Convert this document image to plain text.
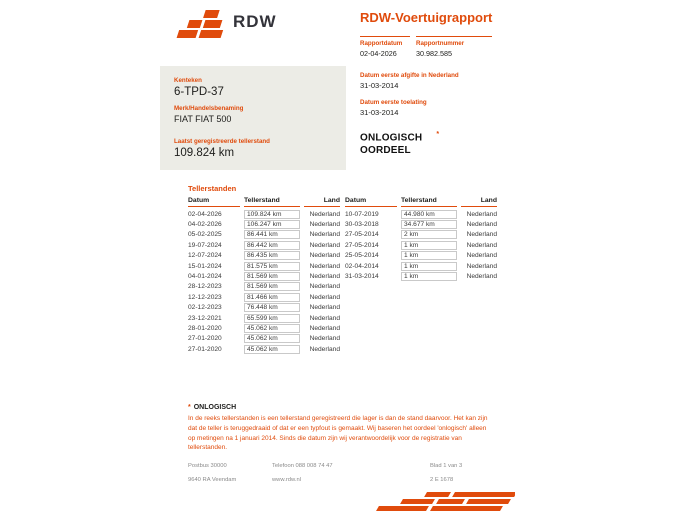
RDW	RDW-Voertuigrapport
Rapportdatum
02-04-2026
Rapportnummer
30.982.585
Kenteken
6-TPD-37
Merk/Handelsbenaming
FIAT FIAT 500
Laatst geregistreerde tellerstand
109.824 km
Datum eerste afgifte in Nederland
31-03-2014
Datum eerste toelating
31-03-2014
ONLOGISCH *
OORDEEL
Tellerstanden
Datum	Tellerstand	Land
02-04-2026	109.824 km	Nederland
04-02-2026	106.247 km	Nederland
05-02-2025	86.441 km	Nederland
19-07-2024	86.442 km	Nederland
12-07-2024	86.435 km	Nederland
15-01-2024	81.575 km	Nederland
04-01-2024	81.569 km	Nederland
28-12-2023	81.569 km	Nederland
12-12-2023	81.466 km	Nederland
02-12-2023	76.448 km	Nederland
23-12-2021	65.599 km	Nederland
28-01-2020	45.062 km	Nederland
27-01-2020	45.062 km	Nederland
27-01-2020	45.062 km	Nederland
Datum	Tellerstand	Land
10-07-2019	44.980 km	Nederland
30-03-2018	34.677 km	Nederland
27-05-2014	2 km	Nederland
27-05-2014	1 km	Nederland
25-05-2014	1 km	Nederland
02-04-2014	1 km	Nederland
31-03-2014	1 km	Nederland
* ONLOGISCH
In de reeks tellerstanden is een tellerstand geregistreerd die lager is dan de stand daarvoor. Het kan zijn dat de teller is teruggedraaid of dat er een typfout is gemaakt. Wij baseren het oordeel 'onlogisch' alleen op metingen na 1 januari 2014. Sinds die datum zijn wij verantwoordelijk voor de registratie van tellerstanden.
Postbus 30000
9640 RA Veendam
Telefoon 088 008 74 47
www.rdw.nl
Blad 1 van 3
2 E 1678
